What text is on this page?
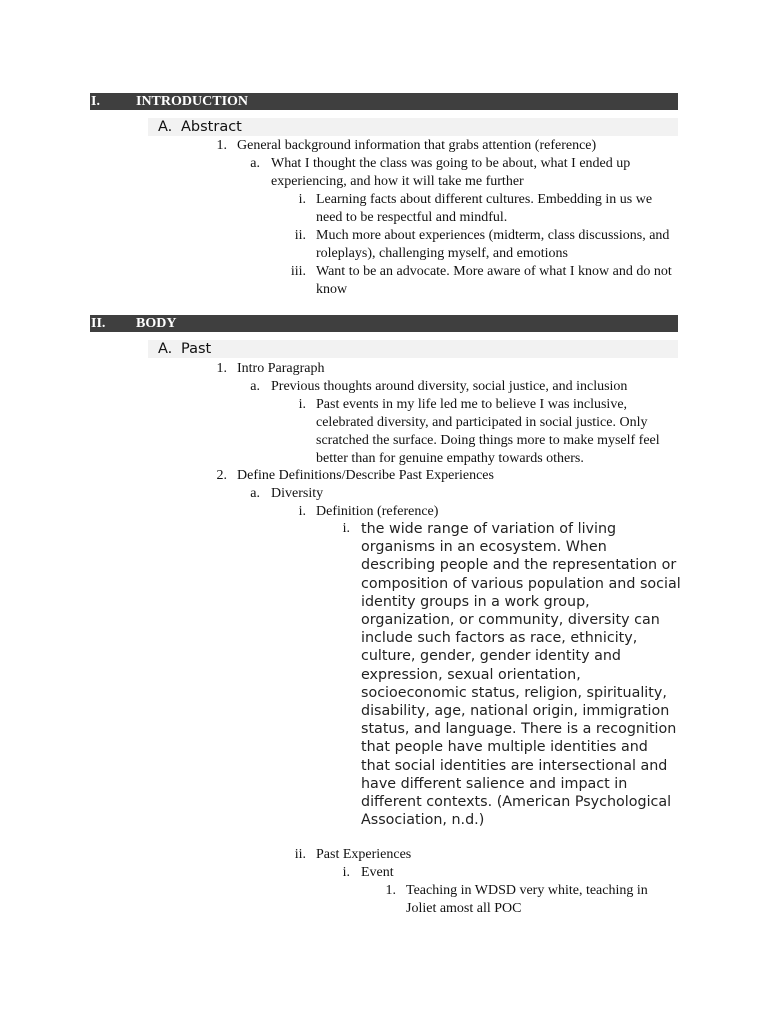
I.	INTRODUCTION
A. Abstract
1. General background information that grabs attention (reference)
a. What I thought the class was going to be about, what I ended up experiencing, and how it will take me further
i. Learning facts about different cultures. Embedding in us we need to be respectful and mindful.
ii. Much more about experiences (midterm, class discussions, and roleplays), challenging myself, and emotions
iii. Want to be an advocate. More aware of what I know and do not know
II. BODY
A. Past
1. Intro Paragraph
a. Previous thoughts around diversity, social justice, and inclusion
i. Past events in my life led me to believe I was inclusive, celebrated diversity, and participated in social justice. Only scratched the surface. Doing things more to make myself feel better than for genuine empathy towards others.
2. Define Definitions/Describe Past Experiences
a. Diversity
i. Definition (reference)
i. the wide range of variation of living organisms in an ecosystem. When describing people and the representation or composition of various population and social identity groups in a work group, organization, or community, diversity can include such factors as race, ethnicity, culture, gender, gender identity and expression, sexual orientation, socioeconomic status, religion, spirituality, disability, age, national origin, immigration status, and language. There is a recognition that people have multiple identities and that social identities are intersectional and have different salience and impact in different contexts. (American Psychological Association, n.d.)
ii. Past Experiences
i. Event
1. Teaching in WDSD very white, teaching in Joliet amost all POC
